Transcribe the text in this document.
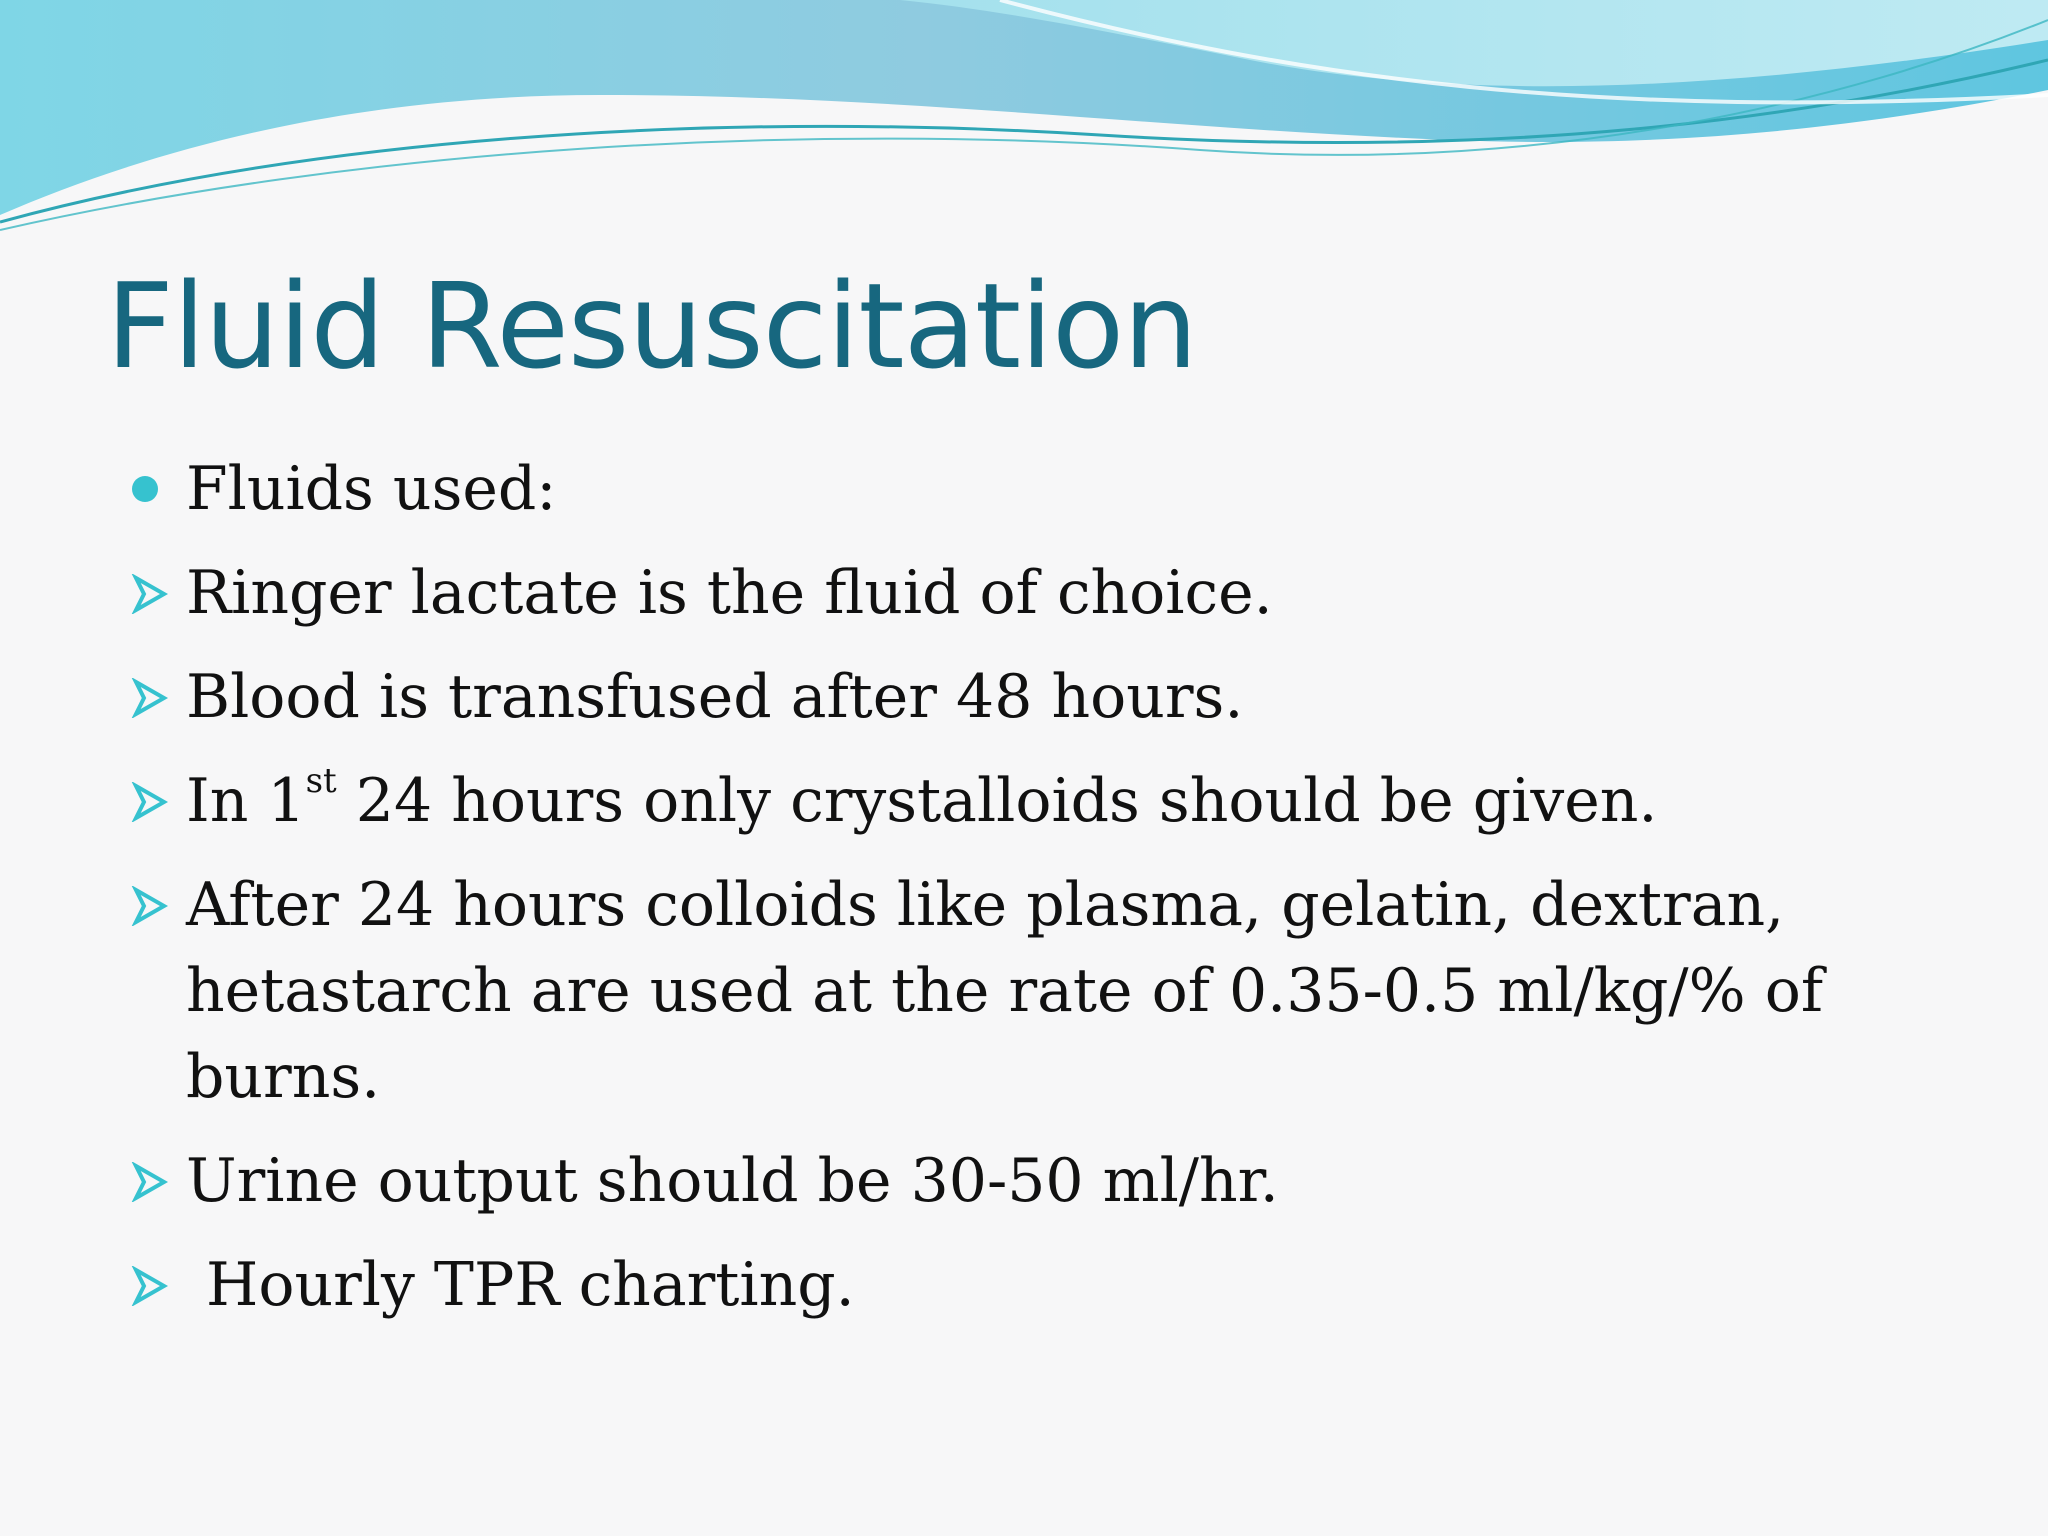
Fluid Resuscitation
Fluids used:
Ringer lactate is the fluid of choice.
Blood is transfused after 48 hours.
In 1st 24 hours only crystalloids should be given.
After 24 hours colloids like plasma, gelatin, dextran, hetastarch are used at the rate of 0.35-0.5 ml/kg/% of burns.
Urine output should be 30-50 ml/hr.
Hourly TPR charting.
